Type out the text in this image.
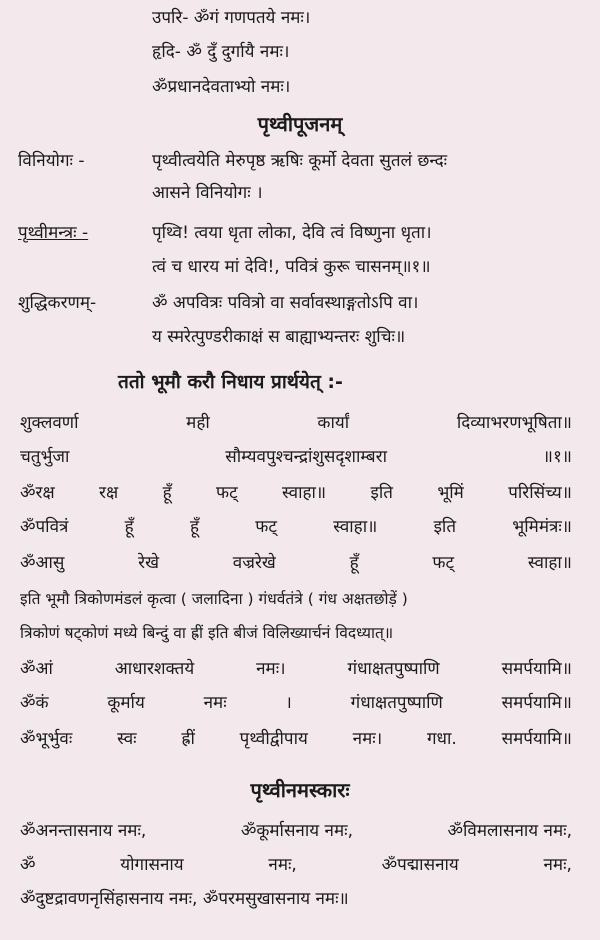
उपरि- ॐगं गणपतये नमः।
हृदि- ॐ दुँ दुर्गायै नमः।
ॐप्रधानदेवताभ्यो नमः।
पृथ्वीपूजनम्
विनियोगः -	पृथ्वीत्वयेति मेरुपृष्ठ ऋषिः कूर्मो देवता सुतलं छन्दः
आसने विनियोगः ।
पृथ्वीमन्त्रः -	पृथ्वि! त्वया धृता लोका, देवि त्वं विष्णुना धृता।
त्वं च धारय मां देवि!, पवित्रं कुरू चासनम्॥१॥
शुद्धिकरणम्-	ॐ अपवित्रः पवित्रो वा सर्वावस्थाङ्गतोऽपि वा।
य स्मरेत्पुण्डरीकाक्षं स बाह्याभ्यन्तरः शुचिः॥
ततो भूमौ करौ निधाय प्रार्थयेत् :-
शुक्लवर्णा	मही	कार्यां	दिव्याभरणभूषिता॥
चतुर्भुजा	सौम्यवपुश्चन्द्रांशुसदृशाम्बरा	॥१॥
ॐरक्ष	रक्ष	हूँ	फट्	स्वाहा॥	इति	भूमिं	परिसिंच्य॥
ॐपवित्रं	हूँ	हूँ	फट्	स्वाहा॥	इति	भूमिमंत्रः॥
ॐआसु	रेखे	वज्ररेखे	हूँ	फट्	स्वाहा॥
इति भूमौ त्रिकोणमंडलं कृत्वा ( जलादिना ) गंधर्वतंत्रे ( गंध अक्षतछोड़ें )
त्रिकोणं षट्कोणं मध्ये बिन्दुं वा ह्रीं इति बीजं विलिख्यार्चनं विदध्यात्॥
ॐआं	आधारशक्तये	नमः।	गंधाक्षतपुष्पाणि	समर्पयामि॥
ॐकं	कूर्माय	नमः	।	गंधाक्षतपुष्पाणि	समर्पयामि॥
ॐभूर्भुवः	स्वः	ह्रीं	पृथ्वीद्वीपाय	नमः।	गधा.	समर्पयामि॥
पृथ्वीनमस्कारः
ॐअनन्तासनाय नमः,	ॐकूर्मासनाय नमः,	ॐविमलासनाय नमः,
ॐ	योगासनाय	नमः,	ॐपद्मासनाय	नमः,
ॐदुष्टद्रावणनृसिंहासनाय नमः, ॐपरमसुखासनाय नमः॥
